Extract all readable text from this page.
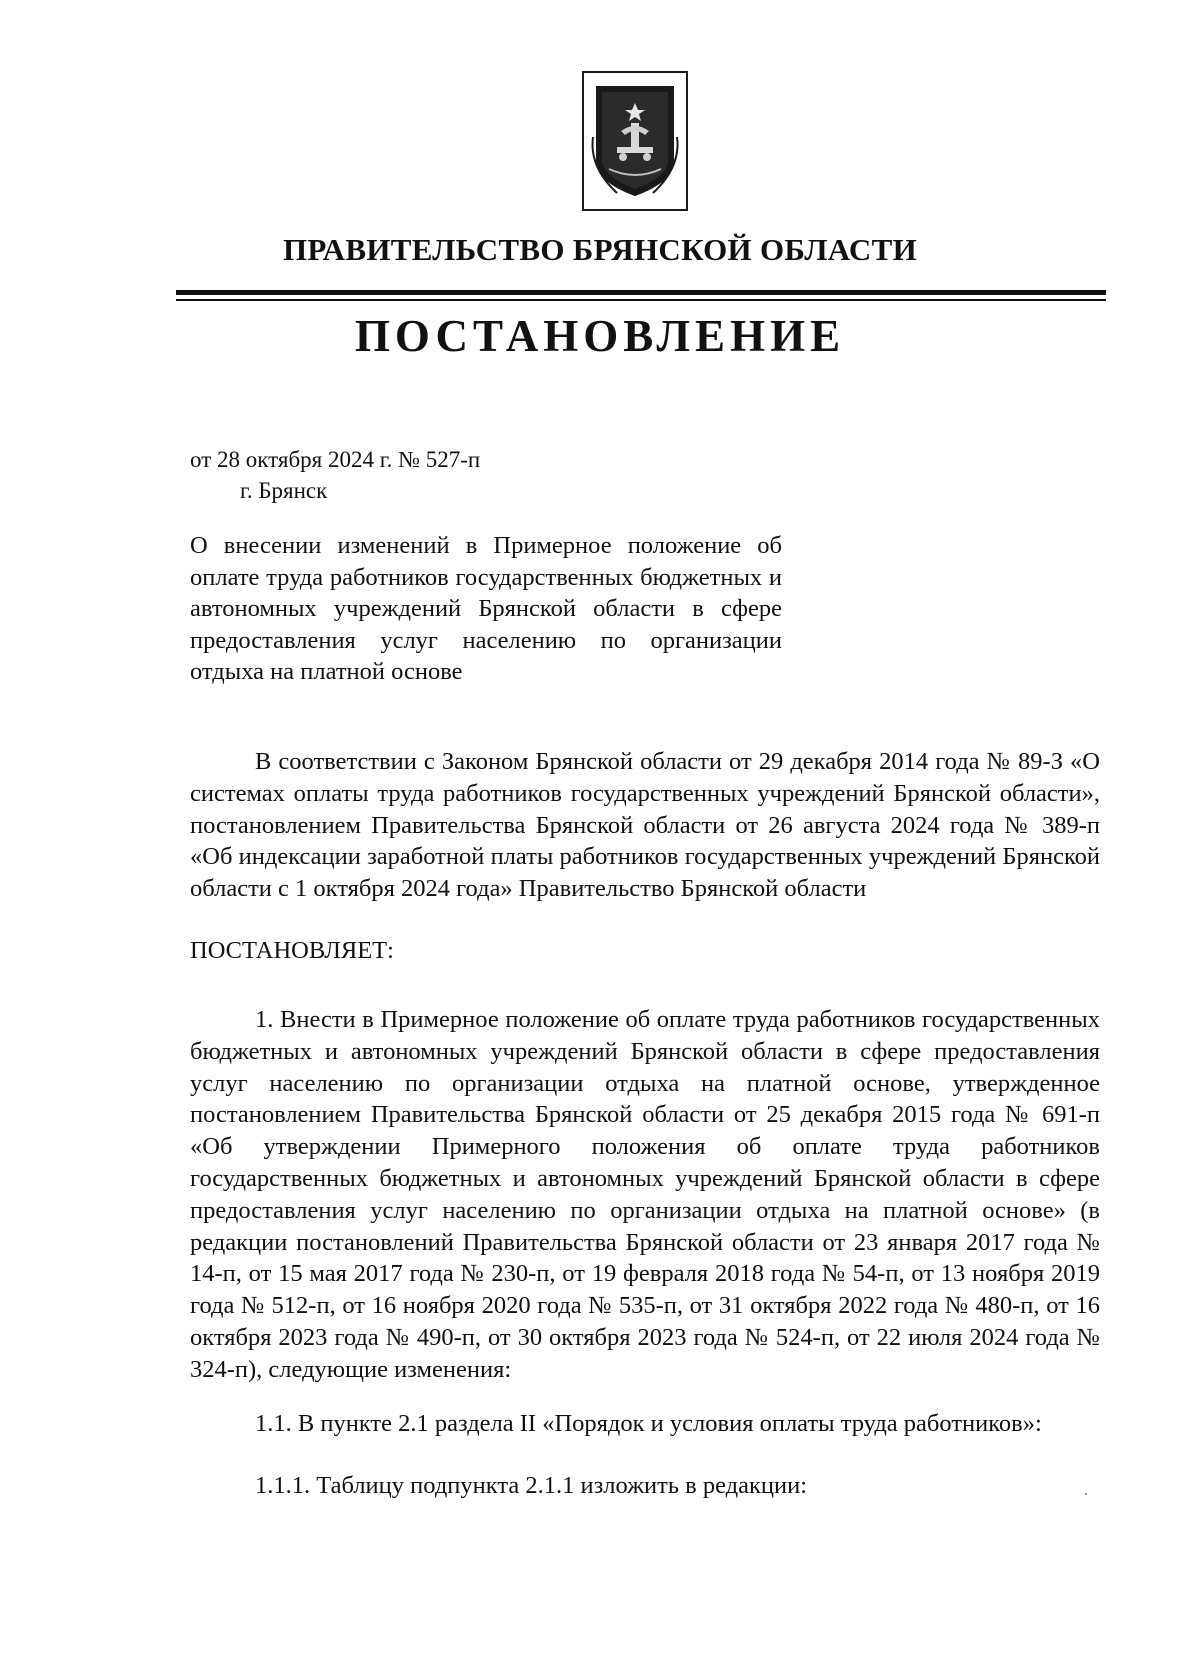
ПРАВИТЕЛЬСТВО БРЯНСКОЙ ОБЛАСТИ
ПОСТАНОВЛЕНИЕ
от 28 октября 2024 г. № 527-п
г. Брянск
О внесении изменений в Примерное положение об оплате труда работников государственных бюджетных и автономных учреждений Брянской области в сфере предоставления услуг населению по организации отдыха на платной основе

В соответствии с Законом Брянской области от 29 декабря 2014 года № 89-З «О системах оплаты труда работников государственных учреждений Брянской области», постановлением Правительства Брянской области от 26 августа 2024 года № 389-п «Об индексации заработной платы работников государственных учреждений Брянской области с 1 октября 2024 года» Правительство Брянской области

ПОСТАНОВЛЯЕТ:

1. Внести в Примерное положение об оплате труда работников государственных бюджетных и автономных учреждений Брянской области в сфере предоставления услуг населению по организации отдыха на платной основе, утвержденное постановлением Правительства Брянской области от 25 декабря 2015 года № 691-п «Об утверждении Примерного положения об оплате труда работников государственных бюджетных и автономных учреждений Брянской области в сфере предоставления услуг населению по организации отдыха на платной основе» (в редакции постановлений Правительства Брянской области от 23 января 2017 года № 14-п, от 15 мая 2017 года № 230-п, от 19 февраля 2018 года № 54-п, от 13 ноября 2019 года № 512-п, от 16 ноября 2020 года № 535-п, от 31 октября 2022 года № 480-п, от 16 октября 2023 года № 490-п, от 30 октября 2023 года № 524-п, от 22 июля 2024 года № 324-п), следующие изменения:

1.1. В пункте 2.1 раздела II «Порядок и условия оплаты труда работников»:

1.1.1. Таблицу подпункта 2.1.1 изложить в редакции:
